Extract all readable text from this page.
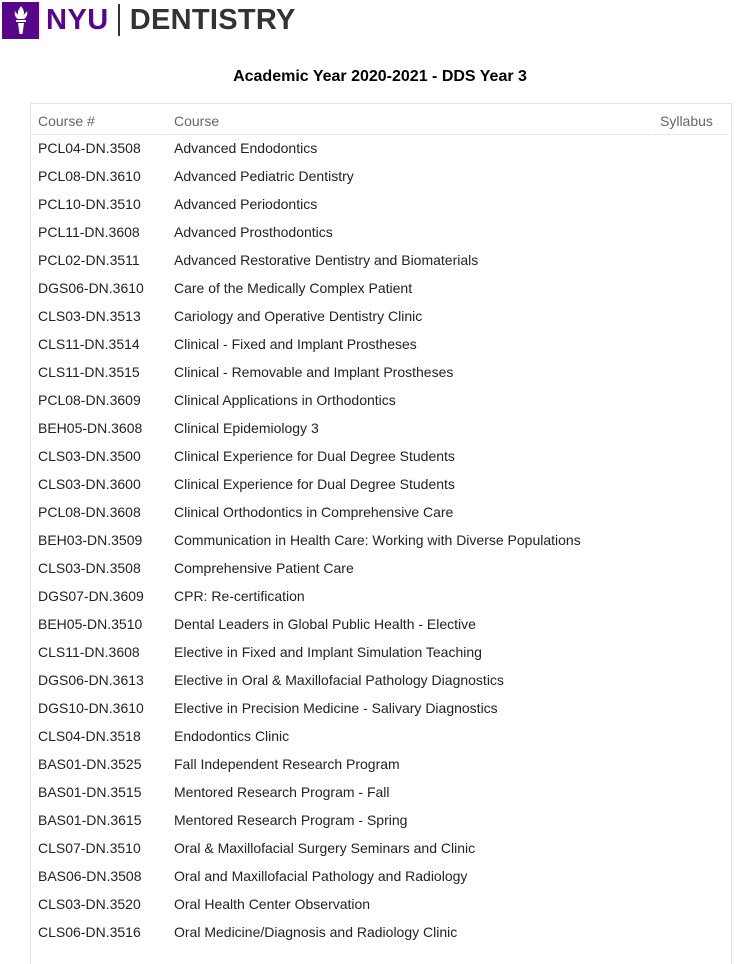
NYU DENTISTRY
Academic Year 2020-2021 - DDS Year 3
Course #	Course	Syllabus
PCL04-DN.3508 Advanced Endodontics
PCL08-DN.3610 Advanced Pediatric Dentistry
PCL10-DN.3510 Advanced Periodontics
PCL11-DN.3608 Advanced Prosthodontics
PCL02-DN.3511 Advanced Restorative Dentistry and Biomaterials
DGS06-DN.3610 Care of the Medically Complex Patient
CLS03-DN.3513 Cariology and Operative Dentistry Clinic
CLS11-DN.3514 Clinical - Fixed and Implant Prostheses
CLS11-DN.3515 Clinical - Removable and Implant Prostheses
PCL08-DN.3609 Clinical Applications in Orthodontics
BEH05-DN.3608 Clinical Epidemiology 3
CLS03-DN.3500 Clinical Experience for Dual Degree Students
CLS03-DN.3600 Clinical Experience for Dual Degree Students
PCL08-DN.3608 Clinical Orthodontics in Comprehensive Care
BEH03-DN.3509 Communication in Health Care: Working with Diverse Populations
CLS03-DN.3508 Comprehensive Patient Care
DGS07-DN.3609 CPR: Re-certification
BEH05-DN.3510 Dental Leaders in Global Public Health - Elective
CLS11-DN.3608 Elective in Fixed and Implant Simulation Teaching
DGS06-DN.3613 Elective in Oral & Maxillofacial Pathology Diagnostics
DGS10-DN.3610 Elective in Precision Medicine - Salivary Diagnostics
CLS04-DN.3518 Endodontics Clinic
BAS01-DN.3525 Fall Independent Research Program
BAS01-DN.3515 Mentored Research Program - Fall
BAS01-DN.3615 Mentored Research Program - Spring
CLS07-DN.3510 Oral & Maxillofacial Surgery Seminars and Clinic
BAS06-DN.3508 Oral and Maxillofacial Pathology and Radiology
CLS03-DN.3520 Oral Health Center Observation
CLS06-DN.3516 Oral Medicine/Diagnosis and Radiology Clinic
